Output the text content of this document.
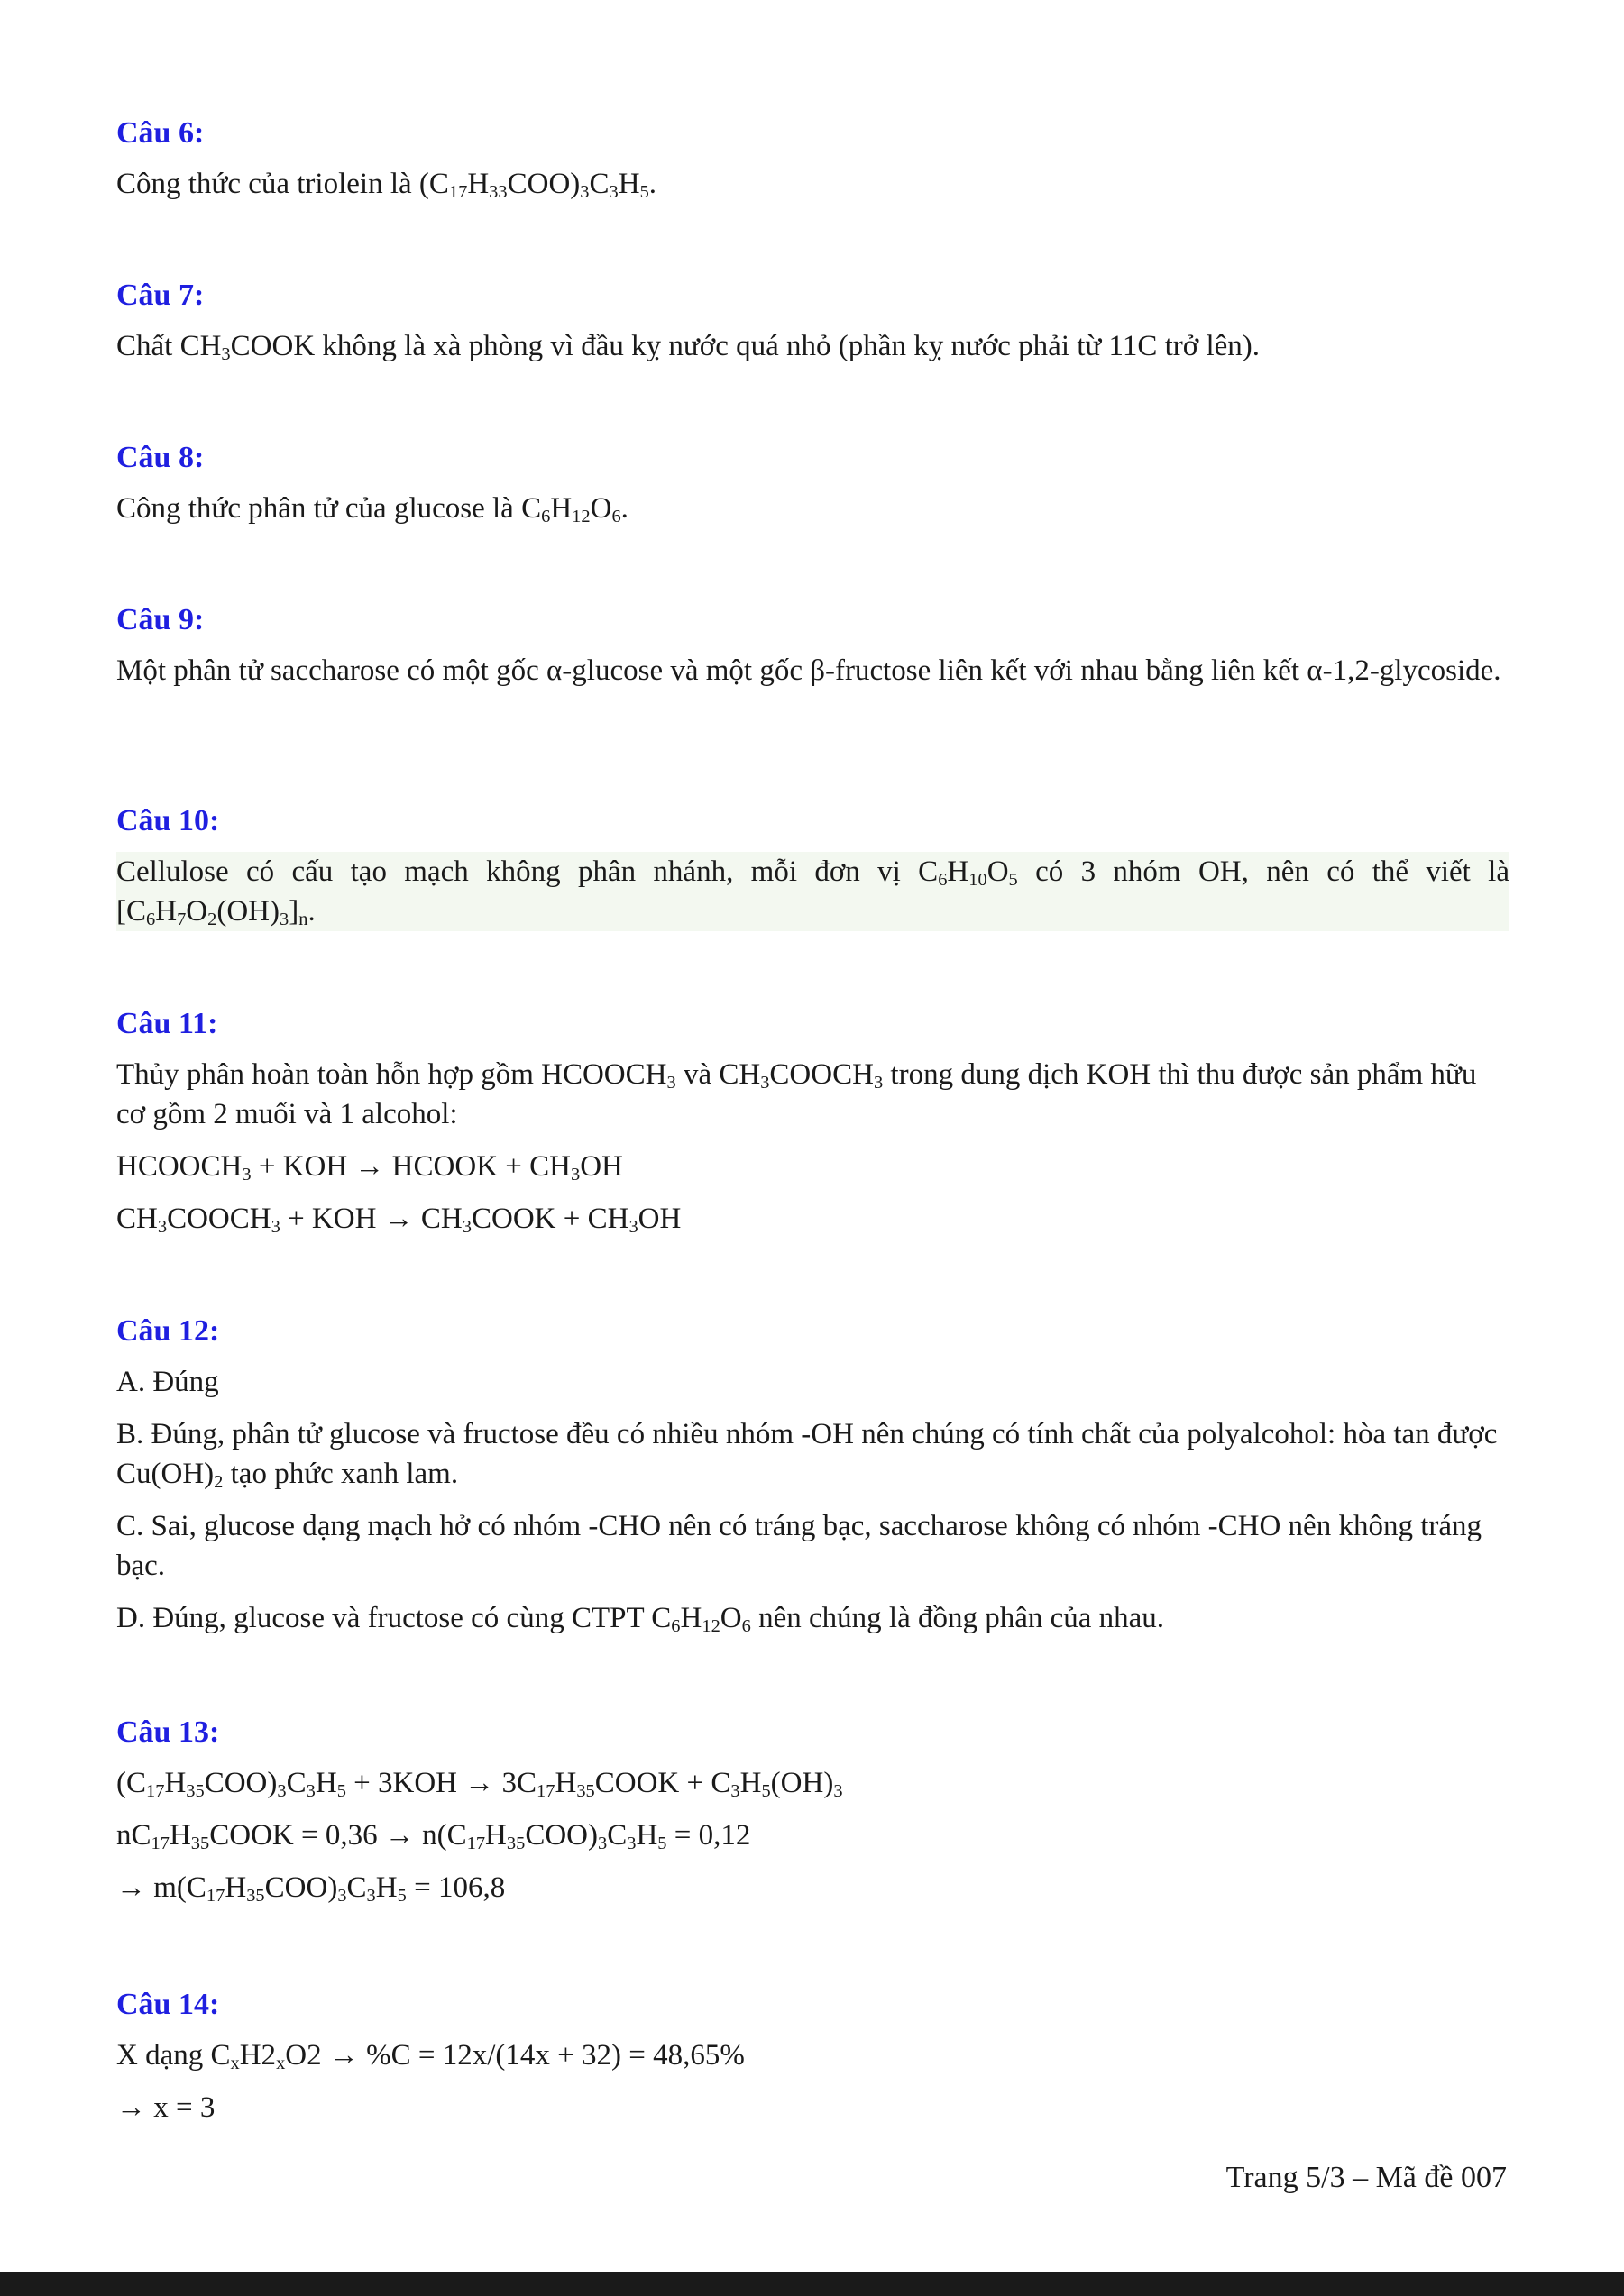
Câu 6:

Công thức của triolein là $(C_{17}H_{33}COO)_3C_3H_5$.

Câu 7:

Chất $CH_3COOK$ không là xà phòng vì đầu kỵ nước quá nhỏ (phần kỵ nước phải từ 11C trở lên).

Câu 8:

Công thức phân tử của glucose là $C_6H_{12}O_6$.

Câu 9:

Một phân tử saccharose có một gốc α-glucose và một gốc β-fructose liên kết với nhau bằng liên kết α-1,2-glycoside.

Câu 10:

Cellulose có cấu tạo mạch không phân nhánh, mỗi đơn vị $C_6H_{10}O_5$ có 3 nhóm OH, nên có thể viết là $[C_6H_7O_2(OH)_3]_n$.

Câu 11:

Thủy phân hoàn toàn hỗn hợp gồm $HCOOCH_3$ và $CH_3COOCH_3$ trong dung dịch KOH thì thu được sản phẩm hữu cơ gồm 2 muối và 1 alcohol:

$HCOOCH_3$ + KOH → HCOOK + $CH_3OH$

$CH_3COOCH_3$ + KOH → $CH_3COOK + CH_3OH$

Câu 12:

A. Đúng

B. Đúng, phân tử glucose và fructose đều có nhiều nhóm -OH nên chúng có tính chất của polyalcohol: hòa tan được $Cu(OH)_2$ tạo phức xanh lam.

C. Sai, glucose dạng mạch hở có nhóm -CHO nên có tráng bạc, saccharose không có nhóm -CHO nên không tráng bạc.

D. Đúng, glucose và fructose có cùng CTPT $C_6H_{12}O_6$ nên chúng là đồng phân của nhau.

Câu 13:

$(C_{17}H_{35}COO)_3C_3H_5 + 3KOH$ → $3C_{17}H_{35}COOK + C_3H_5(OH)_3$

$nC_{17}H_{35}COOK = 0,36 \to n(C_{17}H_{35}COO)_3C_3H_5 = 0,12$

→ $m(C_{17}H_{35}COO)_3C_3H_5 = 106,8$

Câu 14:

X dạng $C_xH2_xO2 \to \%C = 12x/(14x + 32) = 48,65\%$

→ x = 3

Trang 5/3 – Mã đề 007
